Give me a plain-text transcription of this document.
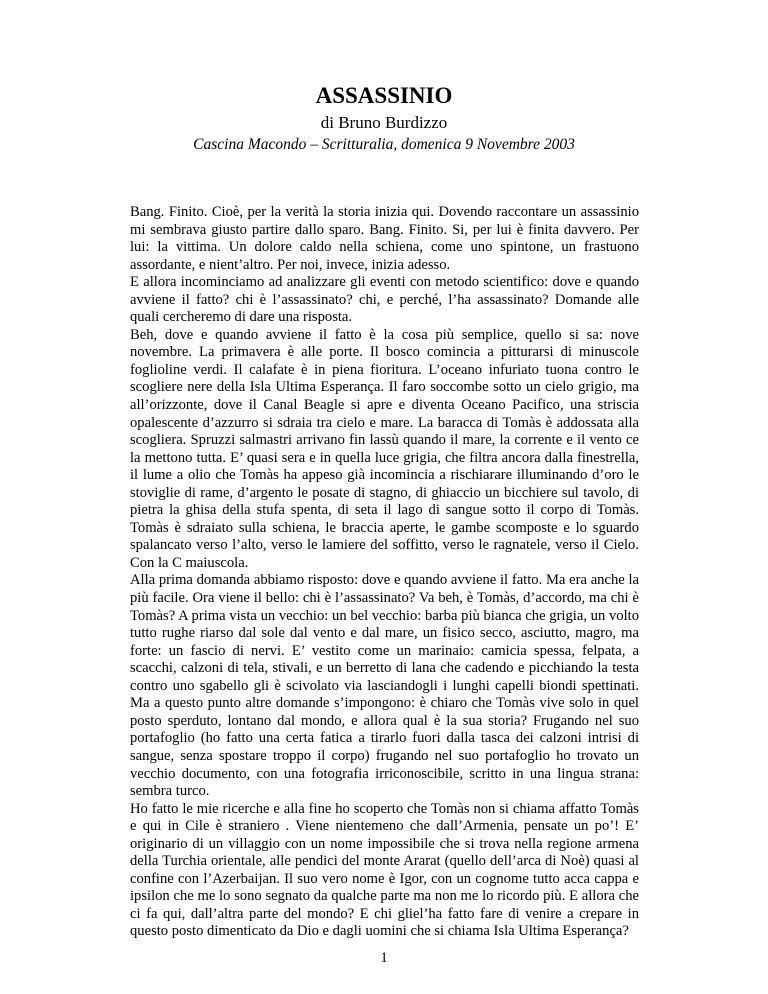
ASSASSINIO
di Bruno Burdizzo
Cascina Macondo – Scritturalia, domenica 9 Novembre 2003

Bang. Finito. Cioè, per la verità la storia inizia qui. Dovendo raccontare un assassinio mi sembrava giusto partire dallo sparo. Bang. Finito. Si, per lui è finita davvero. Per lui: la vittima. Un dolore caldo nella schiena, come uno spintone, un frastuono assordante, e nient’altro. Per noi, invece, inizia adesso.

E allora incominciamo ad analizzare gli eventi con metodo scientifico: dove e quando avviene il fatto? chi è l’assassinato? chi, e perché, l’ha assassinato? Domande alle quali cercheremo di dare una risposta.

Beh, dove e quando avviene il fatto è la cosa più semplice, quello si sa: nove novembre. La primavera è alle porte. Il bosco comincia a pitturarsi di minuscole foglioline verdi. Il calafate è in piena fioritura. L’oceano infuriato tuona contro le scogliere nere della Isla Ultima Esperança. Il faro soccombe sotto un cielo grigio, ma all’orizzonte, dove il Canal Beagle si apre e diventa Oceano Pacifico, una striscia opalescente d’azzurro si sdraia tra cielo e mare. La baracca di Tomàs è addossata alla scogliera. Spruzzi salmastri arrivano fin lassù quando il mare, la corrente e il vento ce la mettono tutta. E’ quasi sera e in quella luce grigia, che filtra ancora dalla finestrella, il lume a olio che Tomàs ha appeso già incomincia a rischiarare illuminando d’oro le stoviglie di rame, d’argento le posate di stagno, di ghiaccio un bicchiere sul tavolo, di pietra la ghisa della stufa spenta, di seta il lago di sangue sotto il corpo di Tomàs. Tomàs è sdraiato sulla schiena, le braccia aperte, le gambe scomposte e lo sguardo spalancato verso l’alto, verso le lamiere del soffitto, verso le ragnatele, verso il Cielo. Con la C maiuscola.

Alla prima domanda abbiamo risposto: dove e quando avviene il fatto. Ma era anche la più facile. Ora viene il bello: chi è l’assassinato? Va beh, è Tomàs, d’accordo, ma chi è Tomàs? A prima vista un vecchio: un bel vecchio: barba più bianca che grigia, un volto tutto rughe riarso dal sole dal vento e dal mare, un fisico secco, asciutto, magro, ma forte: un fascio di nervi. E’ vestito come un marinaio: camicia spessa, felpata, a scacchi, calzoni di tela, stivali, e un berretto di lana che cadendo e picchiando la testa contro uno sgabello gli è scivolato via lasciandogli i lunghi capelli biondi spettinati. Ma a questo punto altre domande s’impongono: è chiaro che Tomàs vive solo in quel posto sperduto, lontano dal mondo, e allora qual è la sua storia? Frugando nel suo portafoglio (ho fatto una certa fatica a tirarlo fuori dalla tasca dei calzoni intrisi di sangue, senza spostare troppo il corpo) frugando nel suo portafoglio ho trovato un vecchio documento, con una fotografia irriconoscibile, scritto in una lingua strana: sembra turco.

Ho fatto le mie ricerche e alla fine ho scoperto che Tomàs non si chiama affatto Tomàs e qui in Cile è straniero . Viene nientemeno che dall’Armenia, pensate un po’! E’ originario di un villaggio con un nome impossibile che si trova nella regione armena della Turchia orientale, alle pendici del monte Ararat (quello dell’arca di Noè) quasi al confine con l’Azerbaijan. Il suo vero nome è Igor, con un cognome tutto acca cappa e ipsilon che me lo sono segnato da qualche parte ma non me lo ricordo più. E allora che ci fa qui, dall’altra parte del mondo? E chi gliel’ha fatto fare di venire a crepare in questo posto dimenticato da Dio e dagli uomini che si chiama Isla Ultima Esperança?

1
